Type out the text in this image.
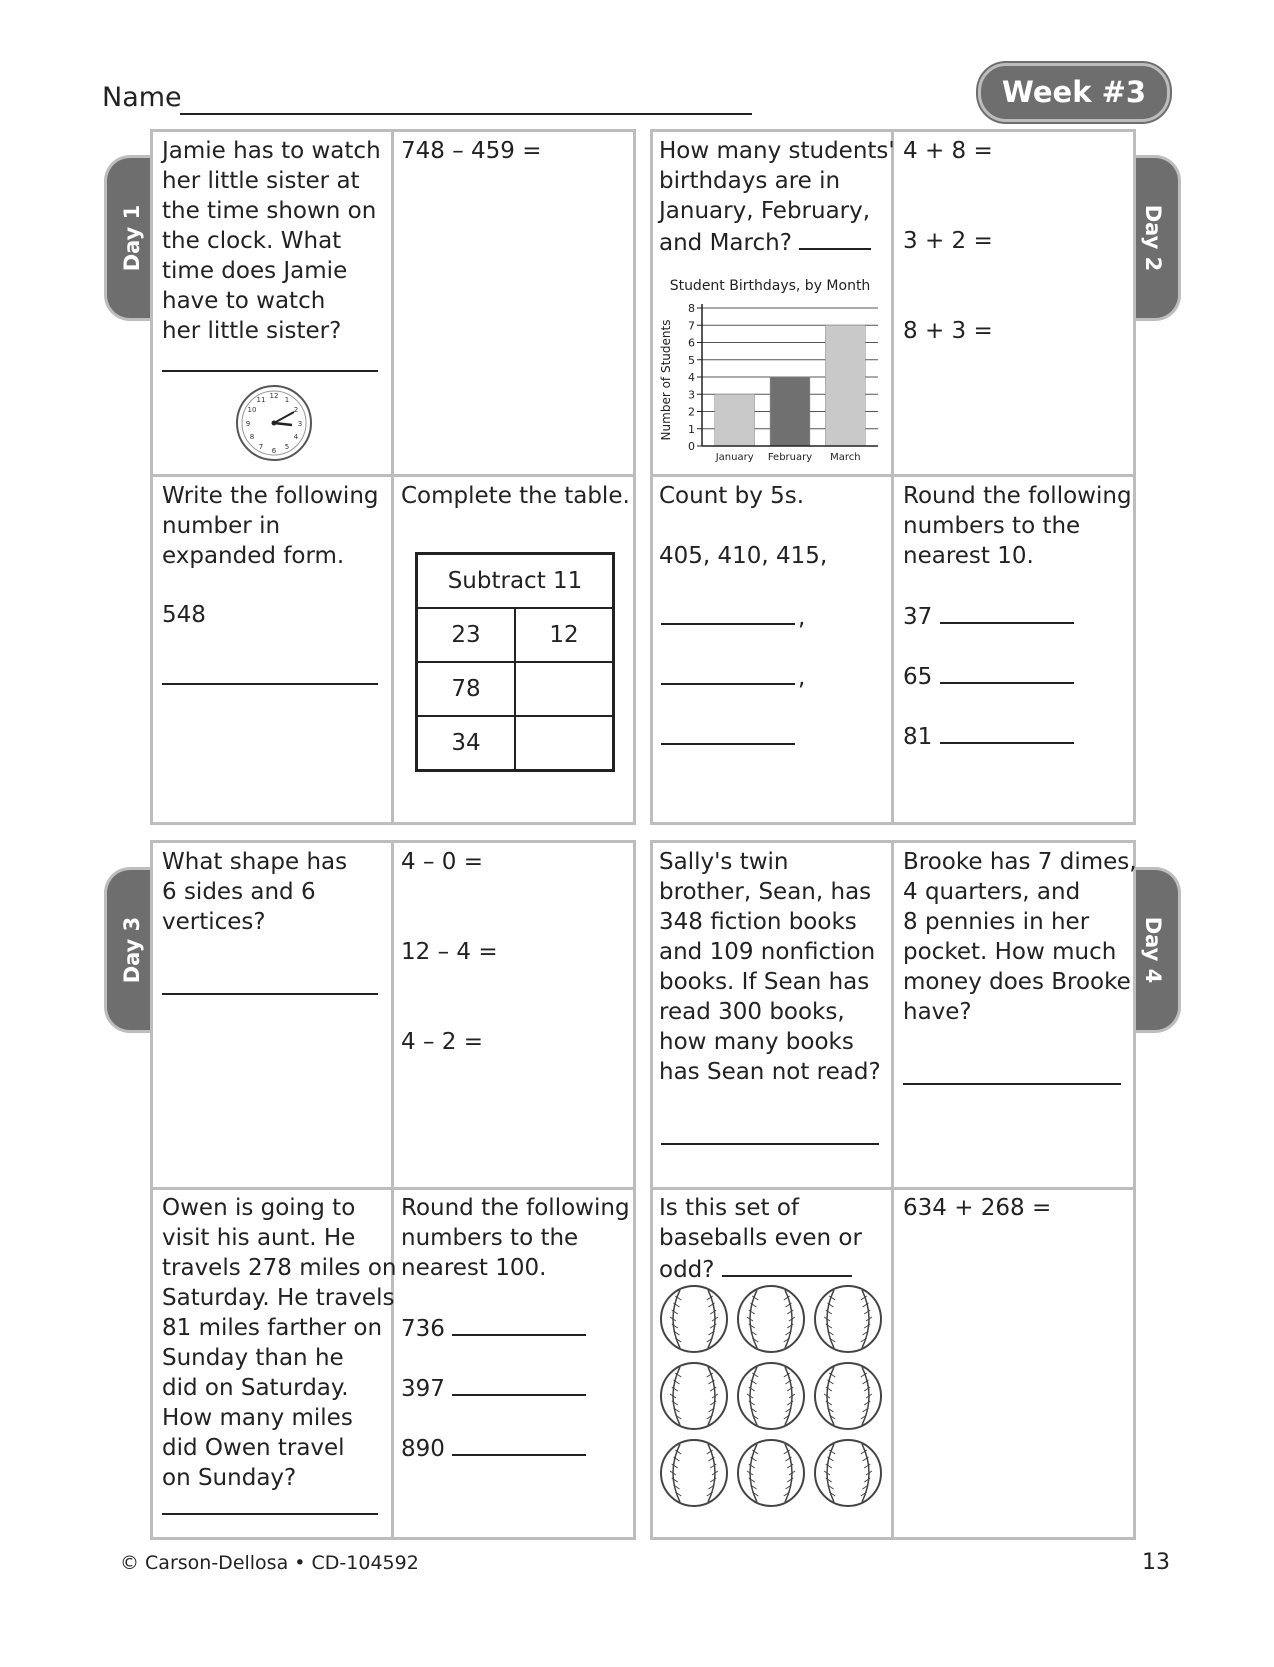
Name	Week #3
Day 1	Day 2
Day 3	Day 4
Jamie has to watch
her little sister at
the time shown on
the clock. What
time does Jamie
have to watch
her little sister?
12 1
2
3
4
5
6
7
8
9
10
11
748 – 459 =
Write the following
number in
expanded form.
548
Complete the table.
Subtract 11	
23	12
78	
34	
How many students'
birthdays are in
January, February,
and March?
Student Birthdays, by Month
Number of Students
0
1
2
3
4
5
6
7
8
January February March
4 + 8 =
3 + 2 =
8 + 3 =
Count by 5s.
405, 410, 415,
,
,
Round the following
numbers to the
nearest 10.
37
65
81
What shape has
6 sides and 6
vertices?
4 – 0 =
12 – 4 =
4 – 2 =
Owen is going to
visit his aunt. He
travels 278 miles on
Saturday. He travels
81 miles farther on
Sunday than he
did on Saturday.
How many miles
did Owen travel
on Sunday?
Round the following
numbers to the
nearest 100.
736
397
890
Sally's twin
brother, Sean, has
348 fiction books
and 109 nonfiction
books. If Sean has
read 300 books,
how many books
has Sean not read?
Brooke has 7 dimes,
4 quarters, and
8 pennies in her
pocket. How much
money does Brooke
have?
Is this set of
baseballs even or
odd?
634 + 268 =
© Carson-Dellosa • CD-104592	13
